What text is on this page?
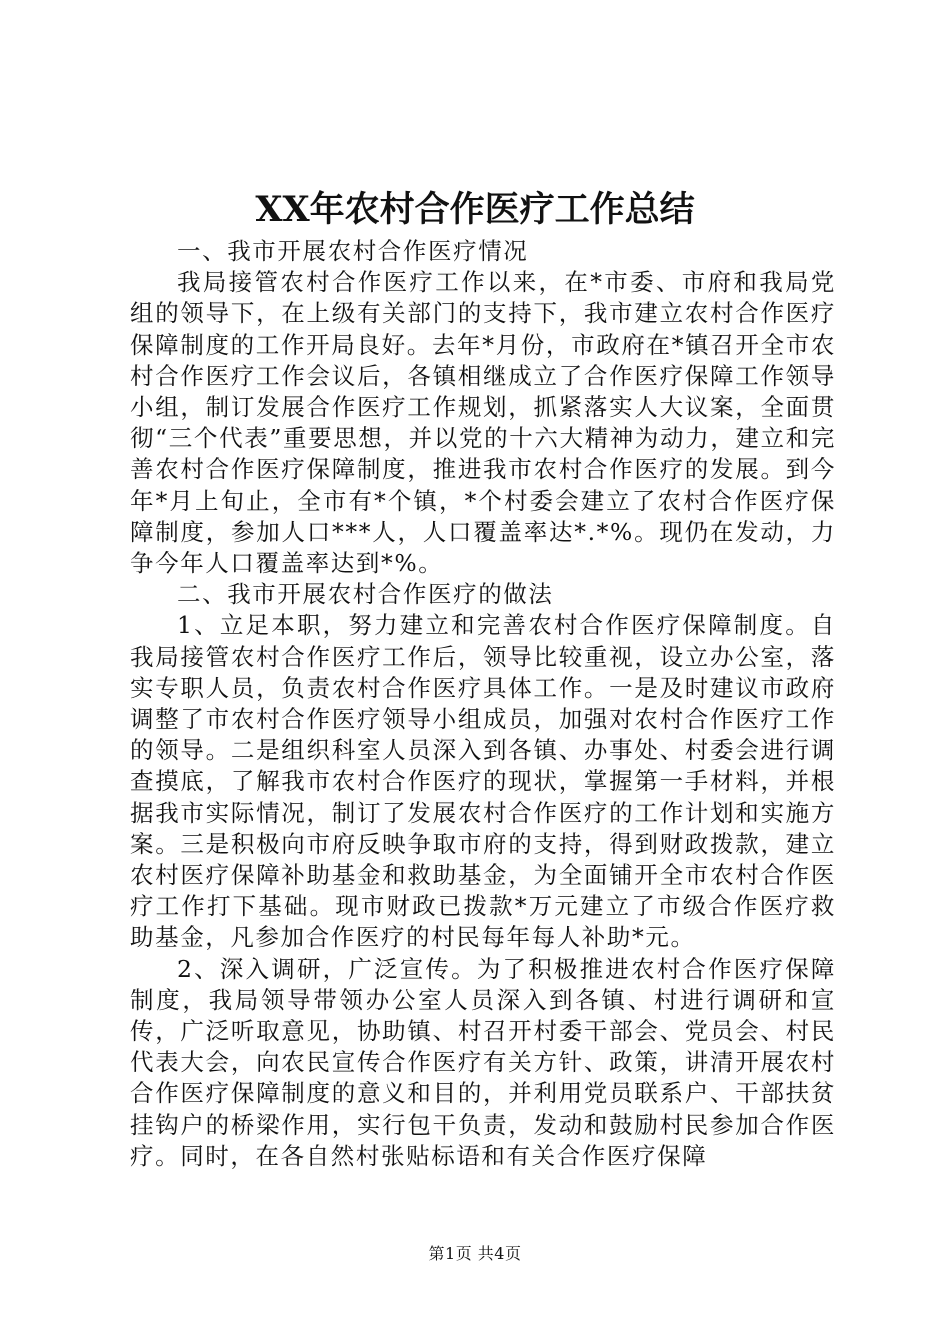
XX年农村合作医疗工作总结

一、我市开展农村合作医疗情况

我局接管农村合作医疗工作以来，在*市委、市府和我局党组的领导下，在上级有关部门的支持下，我市建立农村合作医疗保障制度的工作开局良好。去年*月份，市政府在*镇召开全市农村合作医疗工作会议后，各镇相继成立了合作医疗保障工作领导小组，制订发展合作医疗工作规划，抓紧落实人大议案，全面贯彻“三个代表”重要思想，并以党的十六大精神为动力，建立和完善农村合作医疗保障制度，推进我市农村合作医疗的发展。到今年*月上旬止，全市有*个镇，*个村委会建立了农村合作医疗保障制度，参加人口***人，人口覆盖率达*.*%。现仍在发动，力争今年人口覆盖率达到*%。

二、我市开展农村合作医疗的做法

1、立足本职，努力建立和完善农村合作医疗保障制度。自我局接管农村合作医疗工作后，领导比较重视，设立办公室，落实专职人员，负责农村合作医疗具体工作。一是及时建议市政府调整了市农村合作医疗领导小组成员，加强对农村合作医疗工作的领导。二是组织科室人员深入到各镇、办事处、村委会进行调查摸底，了解我市农村合作医疗的现状，掌握第一手材料，并根据我市实际情况，制订了发展农村合作医疗的工作计划和实施方案。三是积极向市府反映争取市府的支持，得到财政拨款，建立农村医疗保障补助基金和救助基金，为全面铺开全市农村合作医疗工作打下基础。现市财政已拨款*万元建立了市级合作医疗救助基金，凡参加合作医疗的村民每年每人补助*元。

2、深入调研，广泛宣传。为了积极推进农村合作医疗保障制度，我局领导带领办公室人员深入到各镇、村进行调研和宣传，广泛听取意见，协助镇、村召开村委干部会、党员会、村民代表大会，向农民宣传合作医疗有关方针、政策，讲清开展农村合作医疗保障制度的意义和目的，并利用党员联系户、干部扶贫挂钩户的桥梁作用，实行包干负责，发动和鼓励村民参加合作医疗。同时，在各自然村张贴标语和有关合作医疗保障

第1页 共4页
